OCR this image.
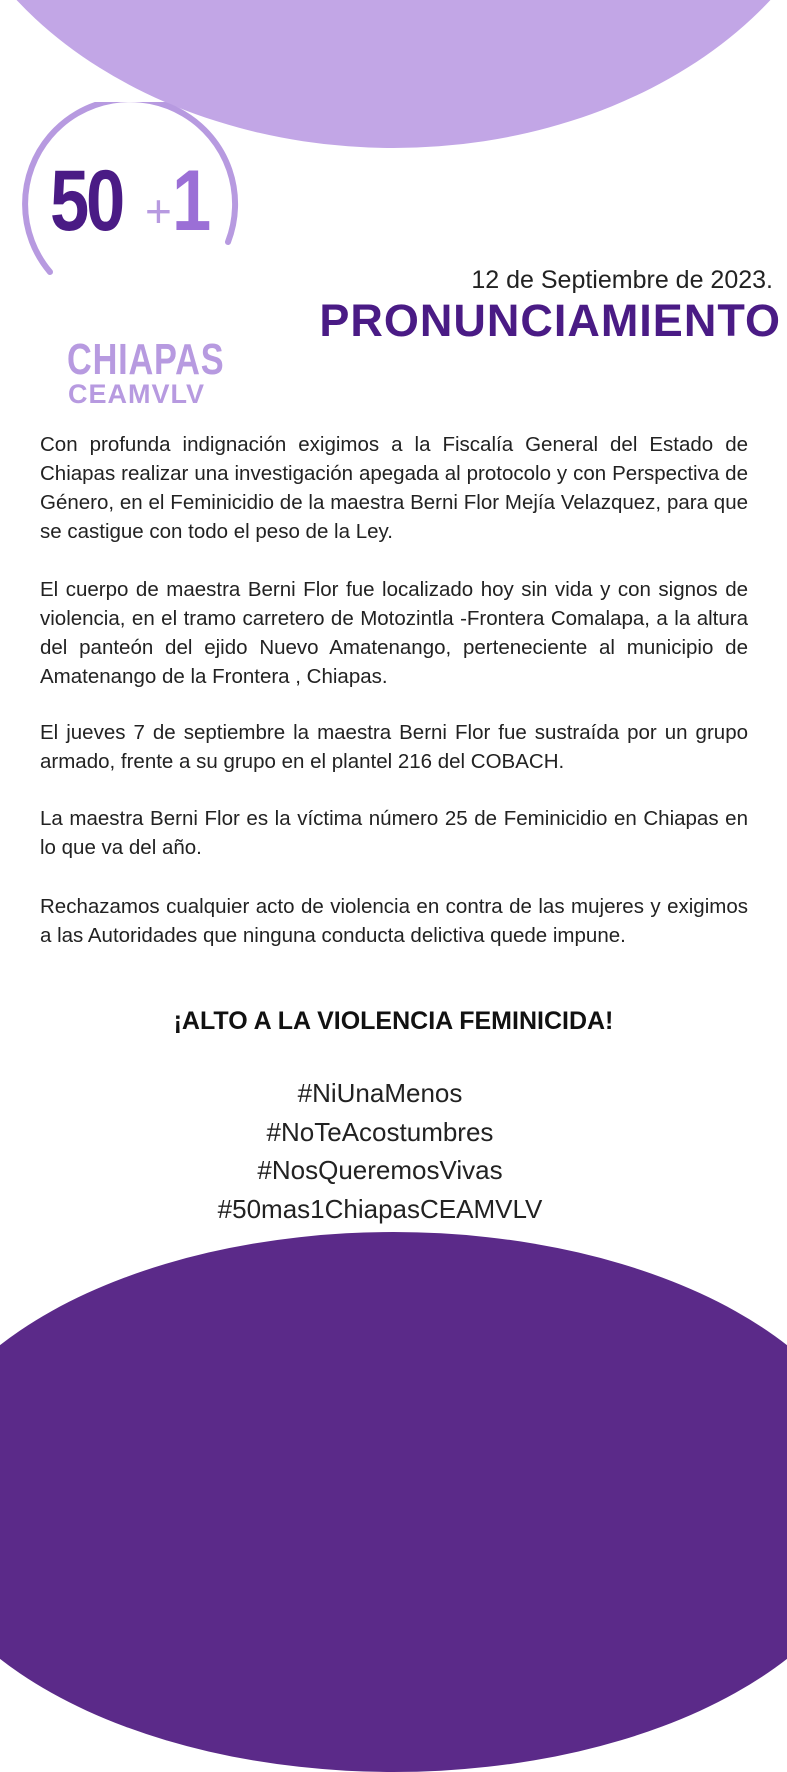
50 + 1
CHIAPAS
CEAMVLV
12 de Septiembre de 2023.
PRONUNCIAMIENTO
Con profunda indignación exigimos a la Fiscalía General del Estado de Chiapas realizar una investigación apegada al protocolo y con Perspectiva de Género, en el Feminicidio de la maestra Berni Flor Mejía Velazquez, para que se castigue con todo el peso de la Ley.
El cuerpo de maestra Berni Flor fue localizado hoy sin vida y con signos de violencia, en el tramo carretero de Motozintla -Frontera Comalapa, a la altura del panteón del ejido Nuevo Amatenango, perteneciente al municipio de Amatenango de la Frontera , Chiapas.
El jueves 7 de septiembre la maestra Berni Flor fue sustraída por un grupo armado, frente a su grupo en el plantel 216 del COBACH.
La maestra Berni Flor es la víctima número 25 de Feminicidio en Chiapas en lo que va del año.
Rechazamos cualquier acto de violencia en contra de las mujeres y exigimos a las Autoridades que ninguna conducta delictiva quede impune.
¡ALTO A LA VIOLENCIA FEMINICIDA!
#NiUnaMenos
#NoTeAcostumbres
#NosQueremosVivas
#50mas1ChiapasCEAMVLV
